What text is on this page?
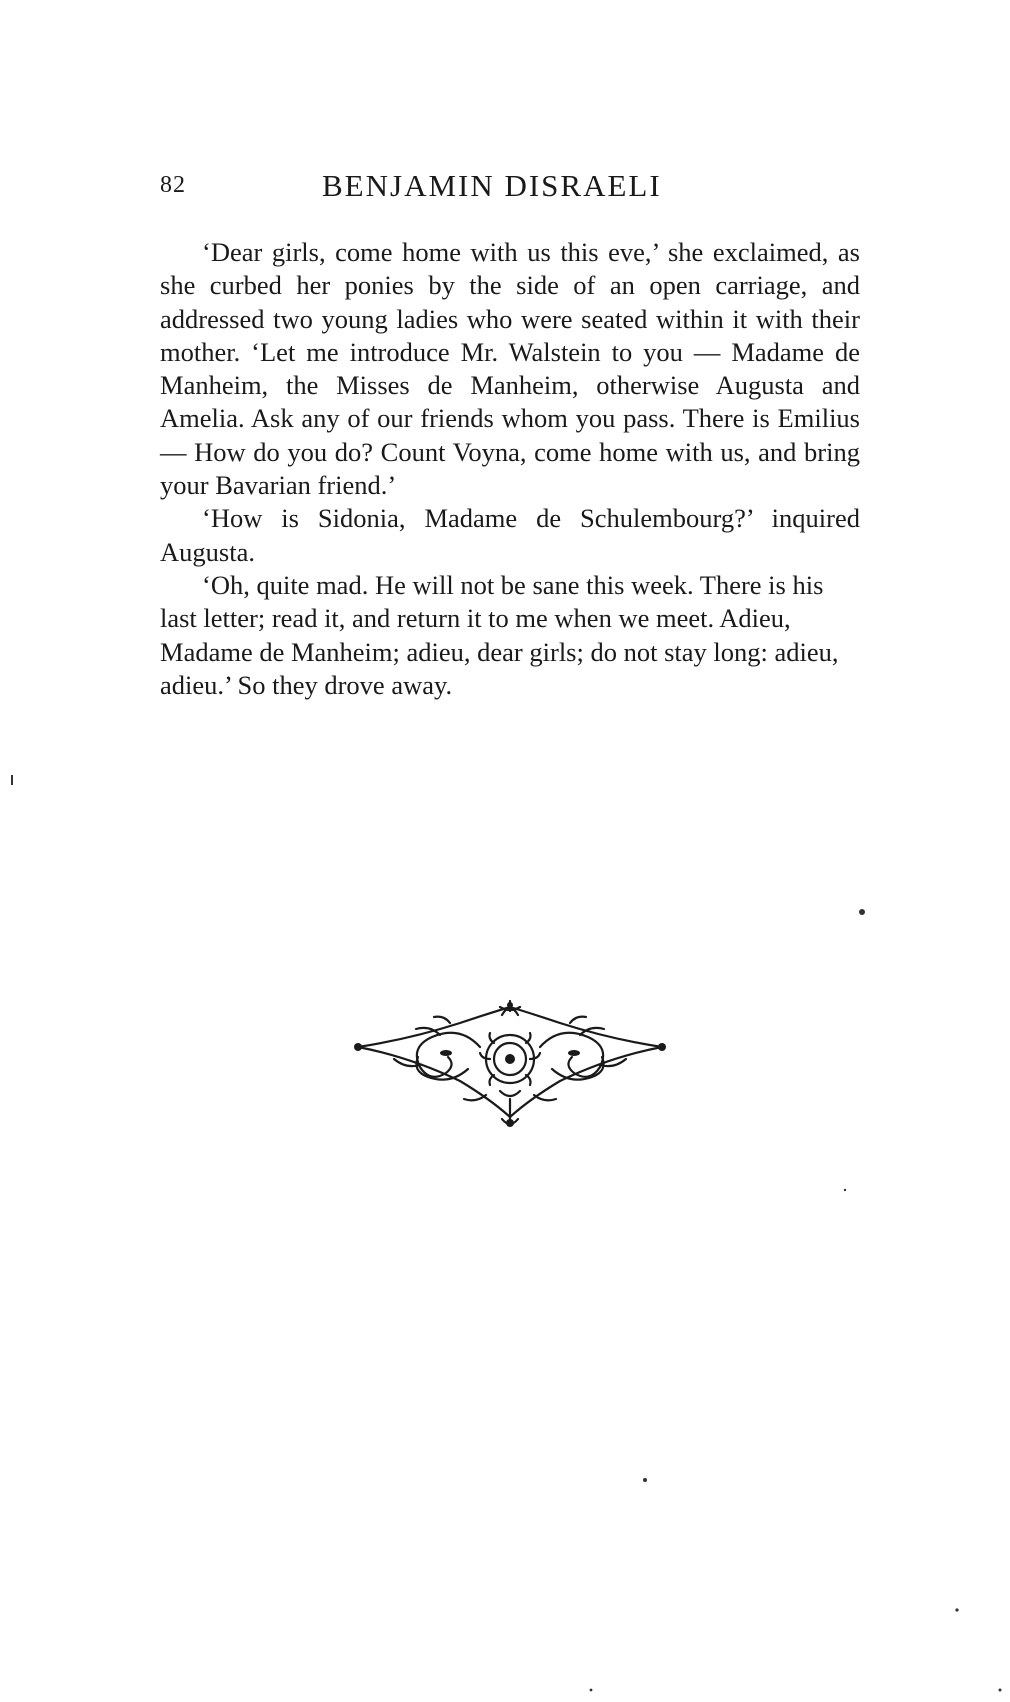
82	BENJAMIN DISRAELI

‘Dear girls, come home with us this eve,’ she exclaimed, as she curbed her ponies by the side of an open carriage, and addressed two young ladies who were seated within it with their mother. ‘Let me introduce Mr. Walstein to you — Madame de Manheim, the Misses de Manheim, otherwise Augusta and Amelia. Ask any of our friends whom you pass. There is Emilius — How do you do? Count Voyna, come home with us, and bring your Bavarian friend.’

‘How is Sidonia, Madame de Schulembourg?’ inquired Augusta.

‘Oh, quite mad. He will not be sane this week. There is his last letter; read it, and return it to me when we meet. Adieu, Madame de Manheim; adieu, dear girls; do not stay long: adieu, adieu.’ So they drove away.
